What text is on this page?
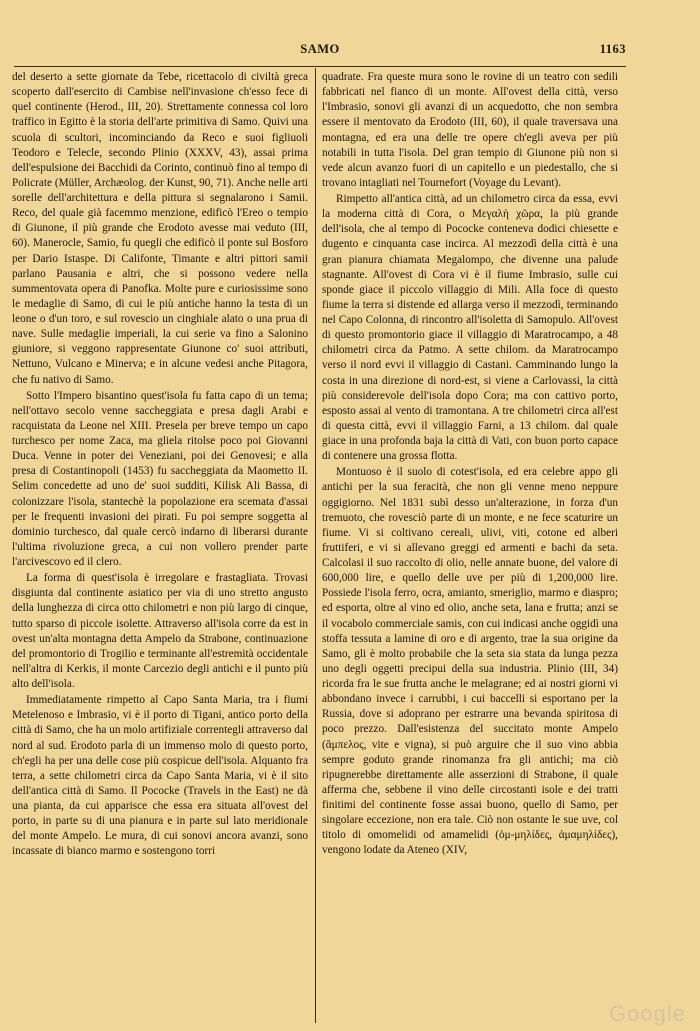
SAMO	1163

del deserto a sette giornate da Tebe, ricettacolo di civiltà greca scoperto dall'esercito di Cambise nell'invasione ch'esso fece di quel continente (Herod., III, 20). Strettamente connessa col loro traffico in Egitto è la storia dell'arte primitiva di Samo. Quivi una scuola di scultori, incominciando da Reco e suoi figliuoli Teodoro e Telecle, secondo Plinio (XXXV, 43), assai prima dell'espulsione dei Bacchidi da Corinto, continuò fino al tempo di Policrate (Müller, Archæolog. der Kunst, 90, 71). Anche nelle arti sorelle dell'architettura e della pittura si segnalarono i Samii. Reco, del quale già facemmo menzione, edificò l'Ereo o tempio di Giunone, il più grande che Erodoto avesse mai veduto (III, 60). Manerocle, Samio, fu quegli che edificò il ponte sul Bosforo per Dario Istaspe. Di Califonte, Timante e altri pittori samii parlano Pausania e altri, che si possono vedere nella summentovata opera di Panofka. Molte pure e curiosissime sono le medaglie di Samo, di cui le più antiche hanno la testa di un leone o d'un toro, e sul rovescio un cinghiale alato o una prua di nave. Sulle medaglie imperiali, la cui serie va fino a Salonino giuniore, si veggono rappresentate Giunone co' suoi attributi, Nettuno, Vulcano e Minerva; e in alcune vedesi anche Pitagora, che fu nativo di Samo.

Sotto l'Impero bisantino quest'isola fu fatta capo di un tema; nell'ottavo secolo venne saccheggiata e presa dagli Arabi e racquistata da Leone nel XIII. Presela per breve tempo un capo turchesco per nome Zaca, ma gliela ritolse poco poi Giovanni Duca. Venne in poter dei Veneziani, poi dei Genovesi; e alla presa di Costantinopoli (1453) fu saccheggiata da Maometto II. Selim concedette ad uno de' suoi sudditi, Kilisk Ali Bassa, di colonizzare l'isola, stantechè la popolazione era scemata d'assai per le frequenti invasioni dei pirati. Fu poi sempre soggetta al dominio turchesco, dal quale cercò indarno di liberarsi durante l'ultima rivoluzione greca, a cui non vollero prender parte l'arcivescovo ed il clero.

La forma di quest'isola è irregolare e frastagliata. Trovasi disgiunta dal continente asiatico per via di uno stretto angusto della lunghezza di circa otto chilometri e non più largo di cinque, tutto sparso di piccole isolette. Attraverso all'isola corre da est in ovest un'alta montagna detta Ampelo da Strabone, continuazione del promontorio di Trogilio e terminante all'estremità occidentale nell'altra di Kerkis, il monte Carcezio degli antichi e il punto più alto dell'isola.

Immediatamente rimpetto al Capo Santa Maria, tra i fiumi Metelenoso e Imbrasio, vi è il porto di Tigani, antico porto della città di Samo, che ha un molo artifiziale correntegli attraverso dal nord al sud. Erodoto parla di un immenso molo di questo porto, ch'egli ha per una delle cose più cospicue dell'isola. Alquanto fra terra, a sette chilometri circa da Capo Santa Maria, vi è il sito dell'antica città di Samo. Il Pococke (Travels in the East) ne dà una pianta, da cui apparisce che essa era situata all'ovest del porto, in parte su di una pianura e in parte sul lato meridionale del monte Ampelo. Le mura, di cui sonovi ancora avanzi, sono incassate di bianco marmo e sostengono torri

quadrate. Fra queste mura sono le rovine di un teatro con sedili fabbricati nel fianco di un monte. All'ovest della città, verso l'Imbrasio, sonovi gli avanzi di un acquedotto, che non sembra essere il mentovato da Erodoto (III, 60), il quale traversava una montagna, ed era una delle tre opere ch'egli aveva per più notabili in tutta l'isola. Del gran tempio di Giunone più non si vede alcun avanzo fuori di un capitello e un piedestallo, che si trovano intagliati nel Tournefort (Voyage du Levant).

Rimpetto all'antica città, ad un chilometro circa da essa, evvi la moderna città di Cora, o Μεγαλὴ χῶρα, la più grande dell'isola, che al tempo di Pococke conteneva dodici chiesette e dugento e cinquanta case incirca. Al mezzodì della città è una gran pianura chiamata Megalompo, che divenne una palude stagnante. All'ovest di Cora vi è il fiume Imbrasio, sulle cui sponde giace il piccolo villaggio di Mili. Alla foce di questo fiume la terra si distende ed allarga verso il mezzodì, terminando nel Capo Colonna, di rincontro all'isoletta di Samopulo. All'ovest di questo promontorio giace il villaggio di Maratrocampo, a 48 chilometri circa da Patmo. A sette chilom. da Maratrocampo verso il nord evvi il villaggio di Castani. Camminando lungo la costa in una direzione di nord-est, si viene a Carlovassi, la città più considerevole dell'isola dopo Cora; ma con cattivo porto, esposto assai al vento di tramontana. A tre chilometri circa all'est di questa città, evvi il villaggio Farni, a 13 chilom. dal quale giace in una profonda baja la città di Vati, con buon porto capace di contenere una grossa flotta.

Montuoso è il suolo di cotest'isola, ed era celebre appo gli antichi per la sua feracità, che non gli venne meno neppure oggigiorno. Nel 1831 subì desso un'alterazione, in forza d'un tremuoto, che rovesciò parte di un monte, e ne fece scaturire un fiume. Vi si coltivano cereali, ulivi, viti, cotone ed alberi fruttiferi, e vi si allevano greggi ed armenti e bachi da seta. Calcolasi il suo raccolto di olio, nelle annate buone, del valore di 600,000 lire, e quello delle uve per più di 1,200,000 lire. Possiede l'isola ferro, ocra, amianto, smeriglio, marmo e diaspro; ed esporta, oltre al vino ed olio, anche seta, lana e frutta; anzi se il vocabolo commerciale samis, con cui indicasi anche oggidì una stoffa tessuta a lamine di oro e di argento, trae la sua origine da Samo, gli è molto probabile che la seta sia stata da lunga pezza uno degli oggetti precipui della sua industria. Plinio (III, 34) ricorda fra le sue frutta anche le melagrane; ed ai nostri giorni vi abbondano invece i carrubbi, i cui baccelli si esportano per la Russia, dove si adoprano per estrarre una bevanda spiritosa di poco prezzo. Dall'esistenza del succitato monte Ampelo (ἄμπελος, vite e vigna), si può arguire che il suo vino abbia sempre goduto grande rinomanza fra gli antichi; ma ciò ripugnerebbe direttamente alle asserzioni di Strabone, il quale afferma che, sebbene il vino delle circostanti isole e dei tratti finitimi del continente fosse assai buono, quello di Samo, per singolare eccezione, non era tale. Ciò non ostante le sue uve, col titolo di omomelidi od amamelidi (ὁμ-μηλίδες, ἀμαμηλίδες), vengono lodate da Ateneo (XIV,

Google
